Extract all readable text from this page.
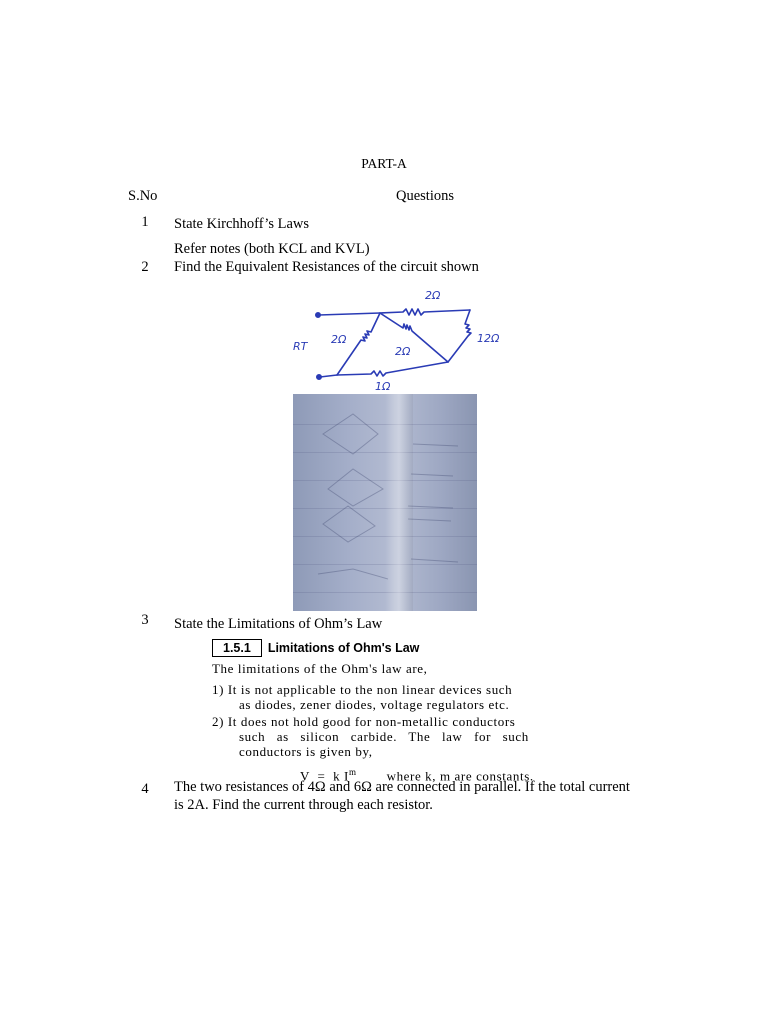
PART-A
S.No	Questions
1	State Kirchhoff’s Laws
Refer notes (both KCL and KVL)
2	Find the Equivalent Resistances of the circuit shown
2Ω
2Ω
2Ω
12Ω
1Ω
RT
3	State the Limitations of Ohm’s Law
1.5.1 Limitations of Ohm's Law
The limitations of the Ohm's law are,
1) It is not applicable to the non linear devices such
as diodes, zener diodes, voltage regulators etc.
2) It does not hold good for non-metallic conductors
such   as   silicon   carbide.   The   law   for   such
conductors is given by,
V  =  k $I^m$ where k, m are constants.
4	The two resistances of 4Ω and 6Ω are connected in parallel. If the total current is 2A. Find the current through each resistor.
